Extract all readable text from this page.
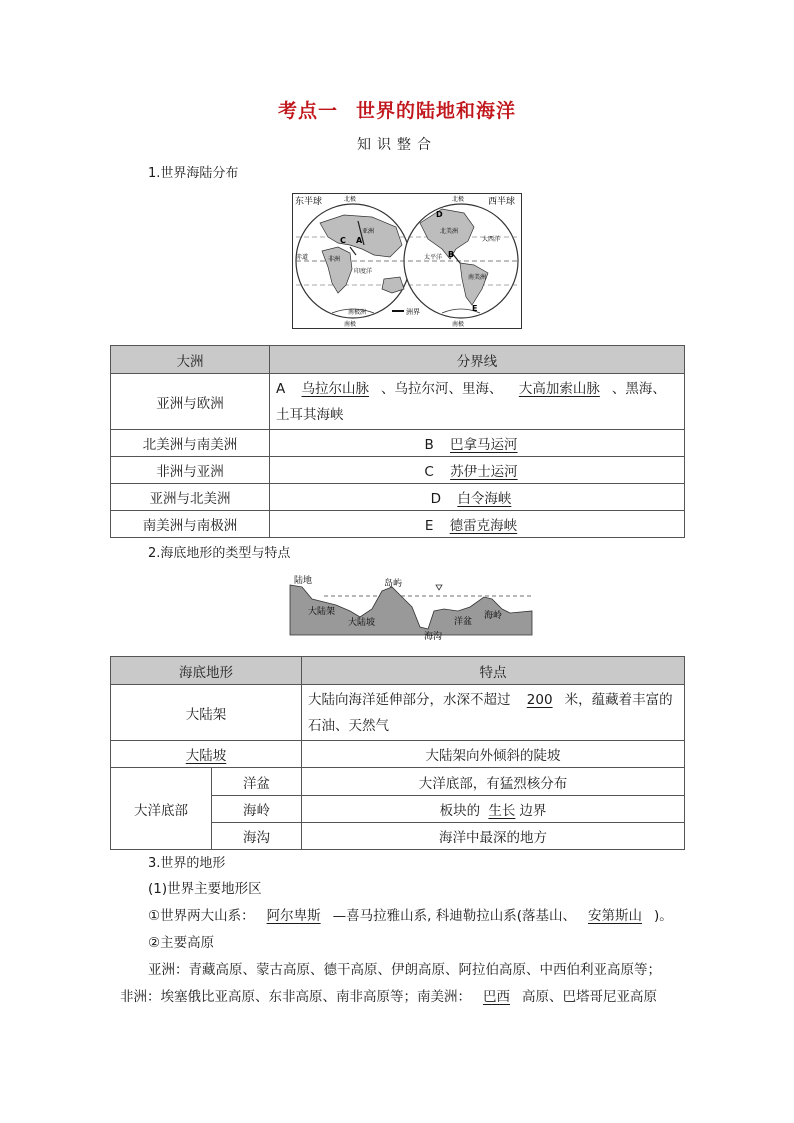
考点一 世界的陆地和海洋
知识整合
1.世界海陆分布
东半球	西半球
北极	北极
南极	南极
亚洲
非洲
印度洋
太平洋
北美洲
南美洲
大西洋
南极洲
赤道
A
B
C
D
E
洲界
大洲	分界线
亚洲与欧洲	A 乌拉尔山脉 、乌拉尔河、里海、 大高加索山脉 、黑海、土耳其海峡
北美洲与南美洲	B 巴拿马运河
非洲与亚洲	C 苏伊士运河
亚洲与北美洲	D 白令海峡
南美洲与南极洲	E 德雷克海峡
2.海底地形的类型与特点
陆地	岛屿
大陆架
大陆坡
海沟
洋盆
海岭
海底地形		特点
大陆架		大陆向海洋延伸部分，水深不超过 200 米，蕴藏着丰富的石油、天然气
大陆坡		大陆架向外倾斜的陡坡
大洋底部	洋盆	大洋底部，有猛烈核分布
	海岭	板块的 生长 边界
	海沟	海洋中最深的地方
3.世界的地形
(1)世界主要地形区
①世界两大山系： 阿尔卑斯 —喜马拉雅山系, 科迪勒拉山系(落基山、 安第斯山 )。
②主要高原
亚洲：青藏高原、蒙古高原、德干高原、伊朗高原、阿拉伯高原、中西伯利亚高原等；
非洲：埃塞俄比亚高原、东非高原、南非高原等；南美洲： 巴西 高原、巴塔哥尼亚高原
